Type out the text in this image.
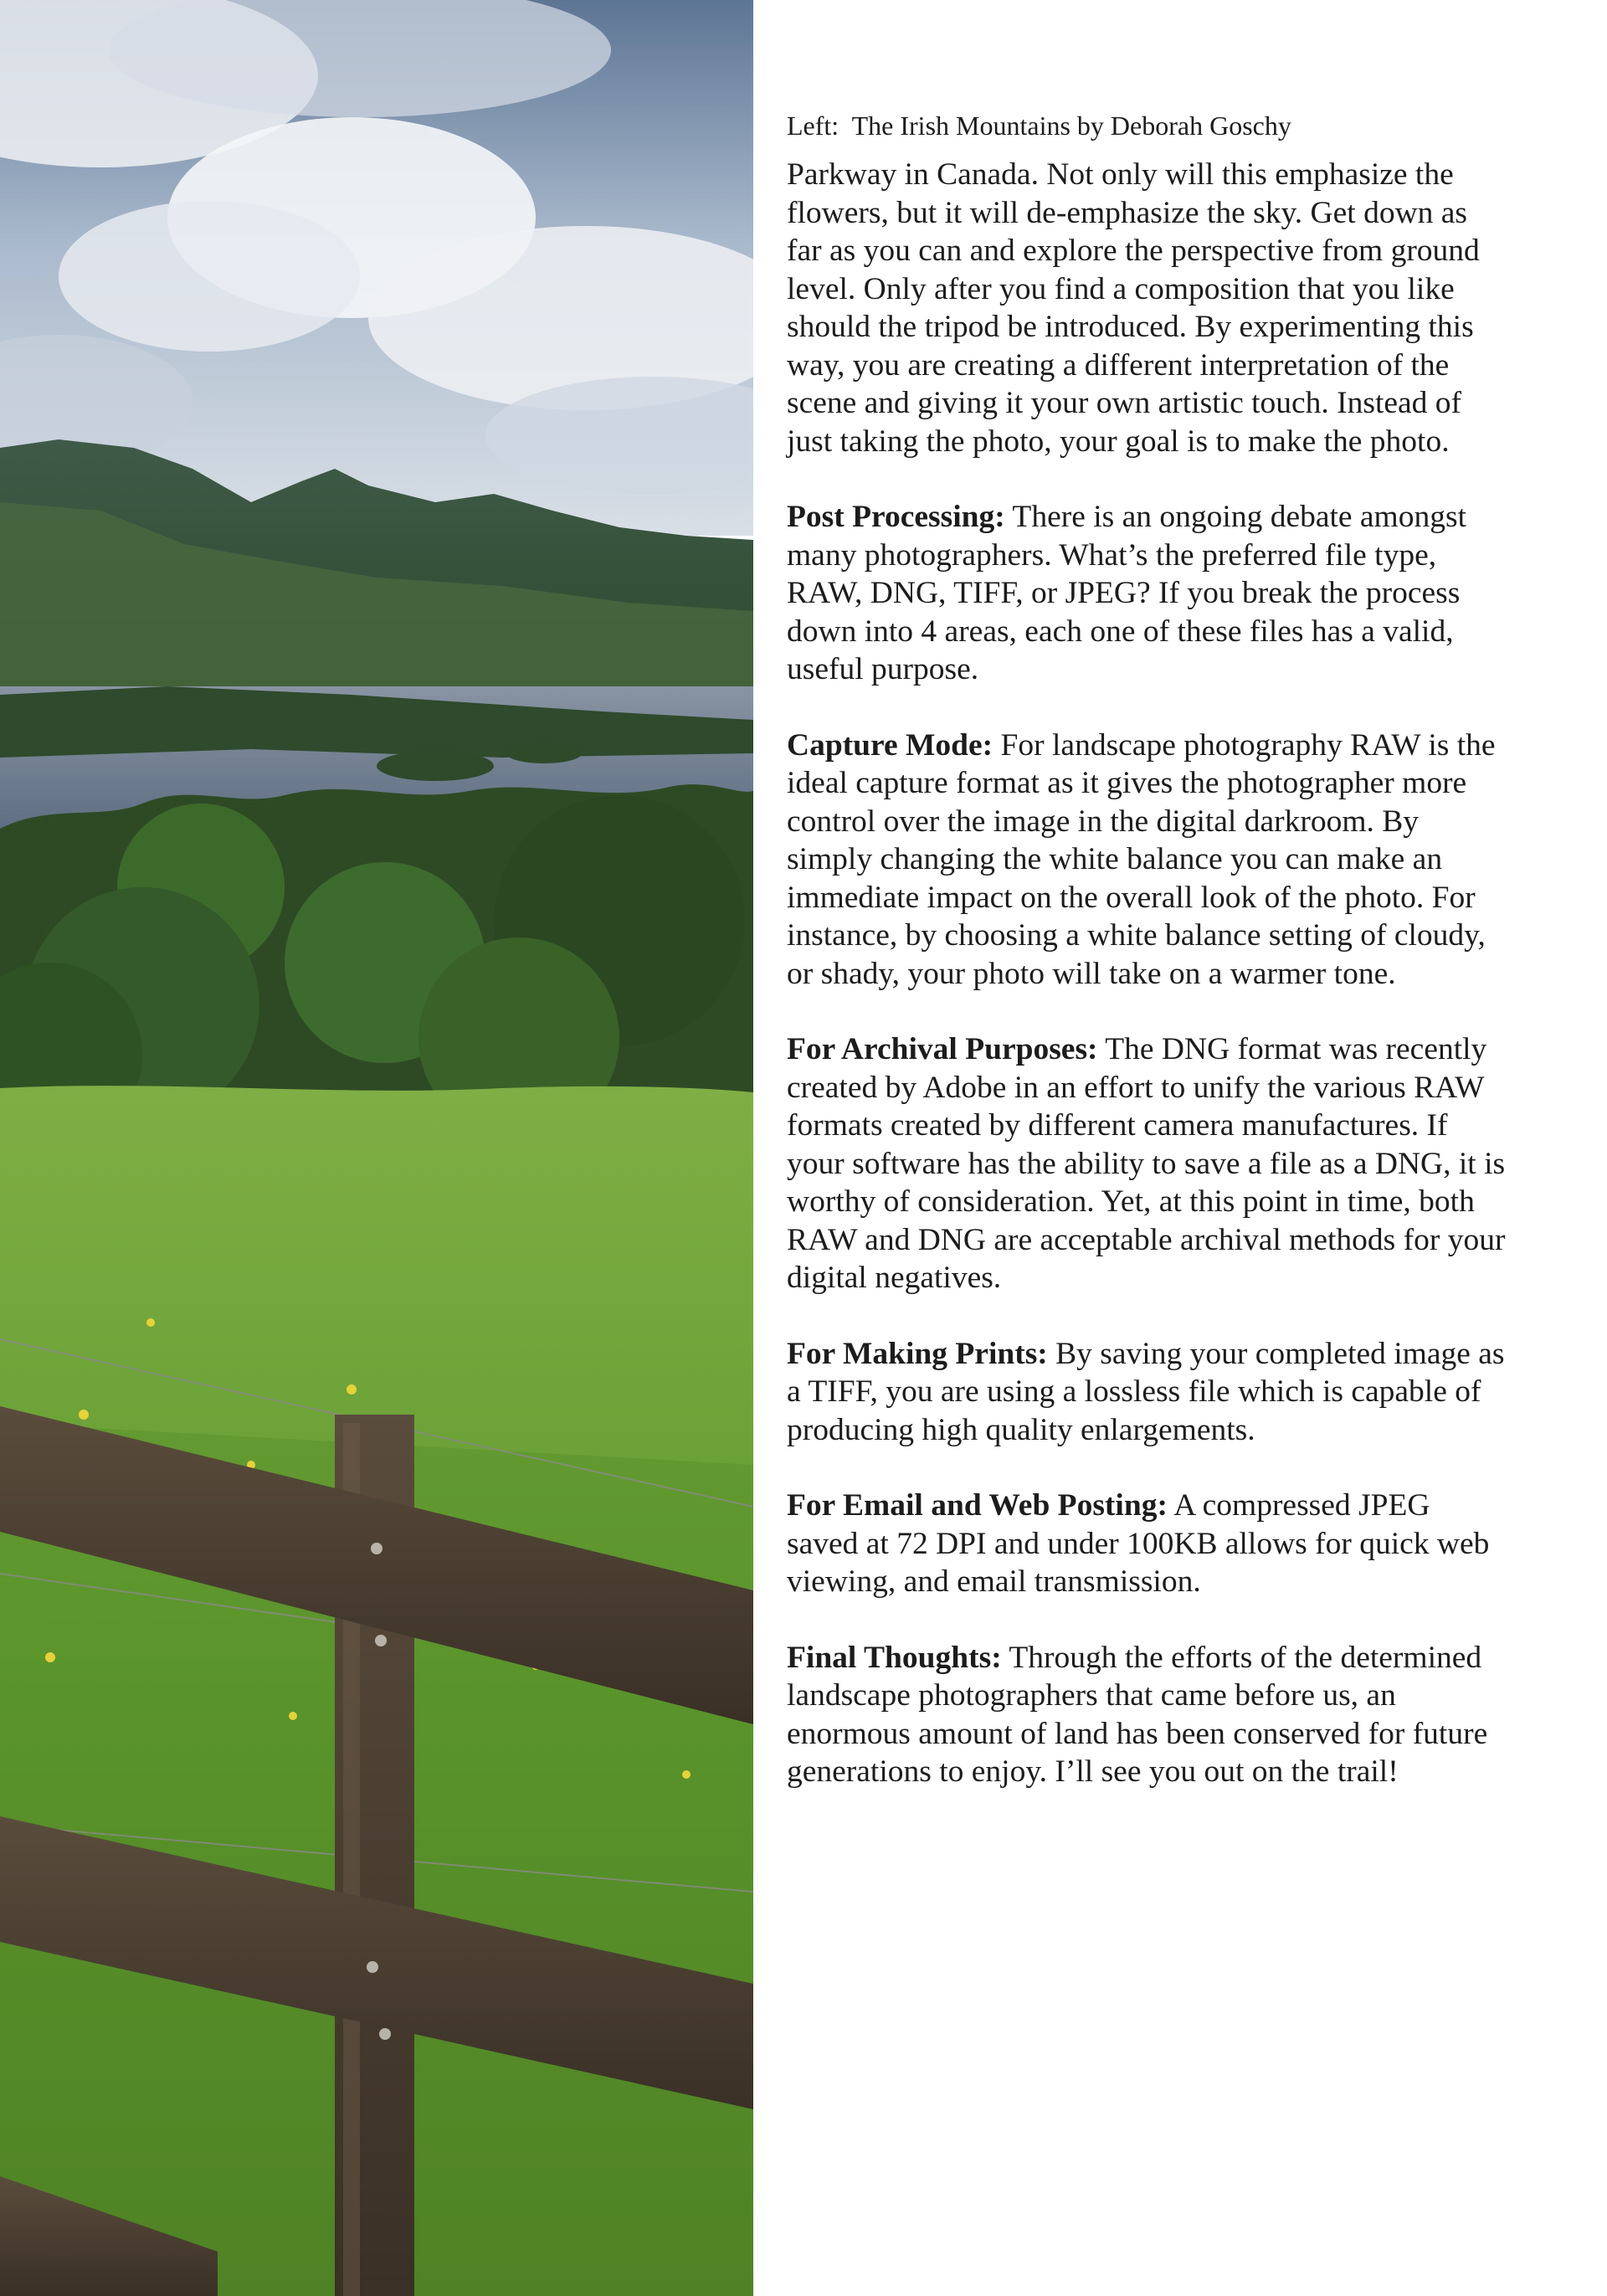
Left:  The Irish Mountains by Deborah Goschy

Parkway in Canada. Not only will this emphasize the flowers, but it will de-emphasize the sky. Get down as far as you can and explore the perspective from ground level. Only after you find a composition that you like should the tripod be introduced. By experimenting this way, you are creating a different interpretation of the scene and giving it your own artistic touch. Instead of just taking the photo, your goal is to make the photo.

Post Processing: There is an ongoing debate amongst many photographers. What’s the preferred file type, RAW, DNG, TIFF, or JPEG? If you break the process down into 4 areas, each one of these files has a valid, useful purpose.

Capture Mode: For landscape photography RAW is the ideal capture format as it gives the photographer more control over the image in the digital darkroom. By simply changing the white balance you can make an immediate impact on the overall look of the photo. For instance, by choosing a white balance setting of cloudy, or shady, your photo will take on a warmer tone.

For Archival Purposes: The DNG format was recently created by Adobe in an effort to unify the various RAW formats created by different camera manufactures. If your software has the ability to save a file as a DNG, it is worthy of consideration. Yet, at this point in time, both RAW and DNG are acceptable archival methods for your digital negatives.

For Making Prints: By saving your completed image as a TIFF, you are using a lossless file which is capable of producing high quality enlargements.

For Email and Web Posting: A compressed JPEG saved at 72 DPI and under 100KB allows for quick web viewing, and email transmission.

Final Thoughts: Through the efforts of the determined landscape photographers that came before us, an enormous amount of land has been conserved for future generations to enjoy. I’ll see you out on the trail!
